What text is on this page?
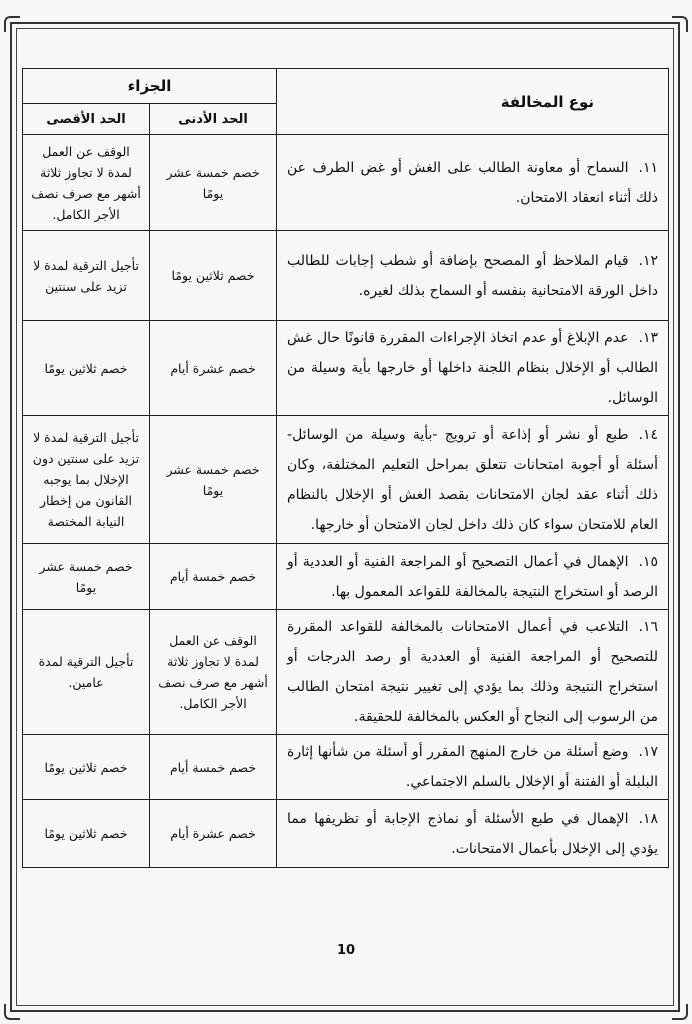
نوع المخالفة	الجزاء	
	الحد الأدنى	الحد الأقصى
١١.السماح أو معاونة الطالب على الغش أو غض الطرف عن ذلك أثناء انعقاد الامتحان.	خصم خمسة عشر يومًا	الوقف عن العمل لمدة لا تجاوز ثلاثة أشهر مع صرف نصف الأجر الكامل.
١٢.قيام الملاحظ أو المصحح بإضافة أو شطب إجابات للطالب داخل الورقة الامتحانية بنفسه أو السماح بذلك لغيره.	خصم ثلاثين يومًا	تأجيل الترقية لمدة لا تزيد على سنتين
١٣.عدم الإبلاغ أو عدم اتخاذ الإجراءات المقررة قانونًا حال غش الطالب أو الإخلال بنظام اللجنة داخلها أو خارجها بأية وسيلة من الوسائل.	خصم عشرة أيام	خصم ثلاثين يومًا
١٤.طبع أو نشر أو إذاعة أو ترويج -بأية وسيلة من الوسائل- أسئلة أو أجوبة امتحانات تتعلق بمراحل التعليم المختلفة، وكان ذلك أثناء عقد لجان الامتحانات بقصد الغش أو الإخلال بالنظام العام للامتحان سواء كان ذلك داخل لجان الامتحان أو خارجها.	خصم خمسة عشر يومًا	تأجيل الترقية لمدة لا تزيد على سنتين دون الإخلال بما يوجبه القانون من إخطار النيابة المختصة
١٥.الإهمال في أعمال التصحيح أو المراجعة الفنية أو العددية أو الرصد أو استخراج النتيجة بالمخالفة للقواعد المعمول بها.	خصم خمسة أيام	خصم خمسة عشر يومًا
١٦.التلاعب في أعمال الامتحانات بالمخالفة للقواعد المقررة للتصحيح أو المراجعة الفنية أو العددية أو رصد الدرجات أو استخراج النتيجة وذلك بما يؤدي إلى تغيير نتيجة امتحان الطالب من الرسوب إلى النجاح أو العكس بالمخالفة للحقيقة.	الوقف عن العمل لمدة لا تجاوز ثلاثة أشهر مع صرف نصف الأجر الكامل.	تأجيل الترقية لمدة عامين.
١٧.وضع أسئلة من خارج المنهج المقرر أو أسئلة من شأنها إثارة البلبلة أو الفتنة أو الإخلال بالسلم الاجتماعي.	خصم خمسة أيام	خصم ثلاثين يومًا
١٨.الإهمال في طبع الأسئلة أو نماذج الإجابة أو تظريفها مما يؤدي إلى الإخلال بأعمال الامتحانات.	خصم عشرة أيام	خصم ثلاثين يومًا
10
